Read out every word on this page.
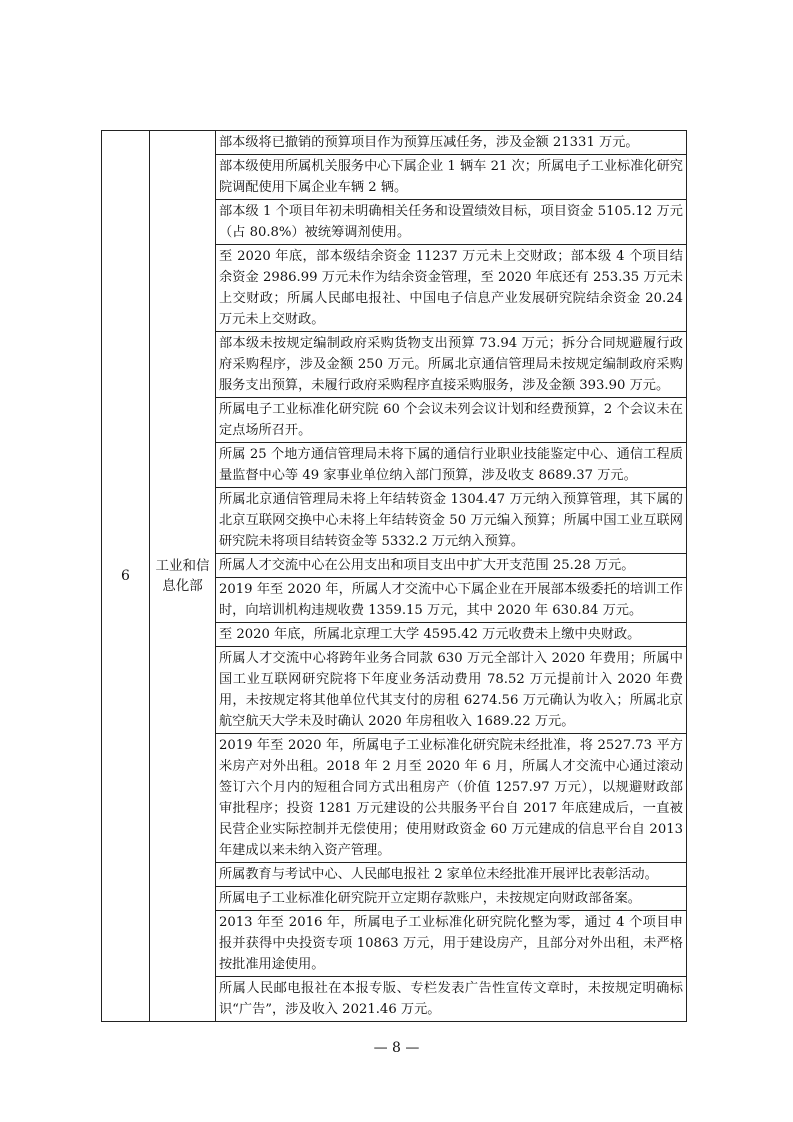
6	工业和信息化部	部本级将已撤销的预算项目作为预算压减任务，涉及金额 21331 万元。
部本级使用所属机关服务中心下属企业 1 辆车 21 次；所属电子工业标准化研究院调配使用下属企业车辆 2 辆。
部本级 1 个项目年初未明确相关任务和设置绩效目标，项目资金 5105.12 万元（占 80.8%）被统筹调剂使用。
至 2020 年底，部本级结余资金 11237 万元未上交财政；部本级 4 个项目结余资金 2986.99 万元未作为结余资金管理，至 2020 年底还有 253.35 万元未上交财政；所属人民邮电报社、中国电子信息产业发展研究院结余资金 20.24 万元未上交财政。
部本级未按规定编制政府采购货物支出预算 73.94 万元；拆分合同规避履行政府采购程序，涉及金额 250 万元。所属北京通信管理局未按规定编制政府采购服务支出预算，未履行政府采购程序直接采购服务，涉及金额 393.90 万元。
所属电子工业标准化研究院 60 个会议未列会议计划和经费预算，2 个会议未在定点场所召开。
所属 25 个地方通信管理局未将下属的通信行业职业技能鉴定中心、通信工程质量监督中心等 49 家事业单位纳入部门预算，涉及收支 8689.37 万元。
所属北京通信管理局未将上年结转资金 1304.47 万元纳入预算管理，其下属的北京互联网交换中心未将上年结转资金 50 万元编入预算；所属中国工业互联网研究院未将项目结转资金等 5332.2 万元纳入预算。
所属人才交流中心在公用支出和项目支出中扩大开支范围 25.28 万元。
2019 年至 2020 年，所属人才交流中心下属企业在开展部本级委托的培训工作时，向培训机构违规收费 1359.15 万元，其中 2020 年 630.84 万元。
至 2020 年底，所属北京理工大学 4595.42 万元收费未上缴中央财政。
所属人才交流中心将跨年业务合同款 630 万元全部计入 2020 年费用；所属中国工业互联网研究院将下年度业务活动费用 78.52 万元提前计入 2020 年费用，未按规定将其他单位代其支付的房租 6274.56 万元确认为收入；所属北京航空航天大学未及时确认 2020 年房租收入 1689.22 万元。
2019 年至 2020 年，所属电子工业标准化研究院未经批准，将 2527.73 平方米房产对外出租。2018 年 2 月至 2020 年 6 月，所属人才交流中心通过滚动签订六个月内的短租合同方式出租房产（价值 1257.97 万元），以规避财政部审批程序；投资 1281 万元建设的公共服务平台自 2017 年底建成后，一直被民营企业实际控制并无偿使用；使用财政资金 60 万元建成的信息平台自 2013 年建成以来未纳入资产管理。
所属教育与考试中心、人民邮电报社 2 家单位未经批准开展评比表彰活动。
所属电子工业标准化研究院开立定期存款账户，未按规定向财政部备案。
2013 年至 2016 年，所属电子工业标准化研究院化整为零，通过 4 个项目申报并获得中央投资专项 10863 万元，用于建设房产，且部分对外出租，未严格按批准用途使用。
所属人民邮电报社在本报专版、专栏发表广告性宣传文章时，未按规定明确标识“广告”，涉及收入 2021.46 万元。
— 8 —
